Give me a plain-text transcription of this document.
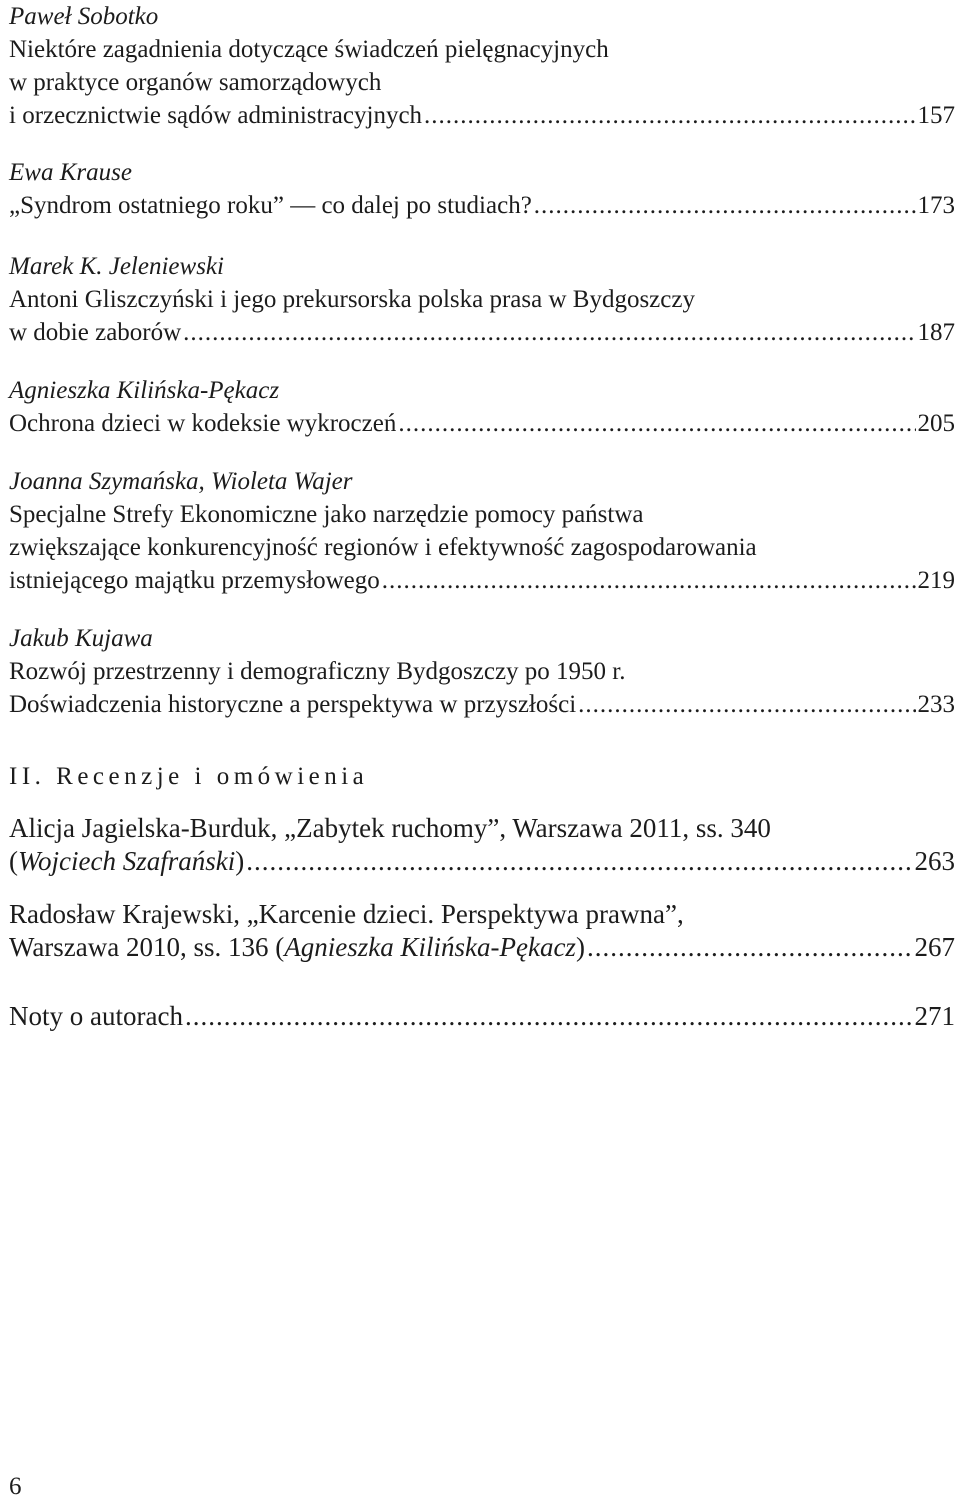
Paweł Sobotko
Niektóre zagadnienia dotyczące świadczeń pielęgnacyjnych
w praktyce organów samorządowych
i orzecznictwie sądów administracyjnych .....	157
Ewa Krause
„Syndrom ostatniego roku” — co dalej po studiach? .....	173
Marek K. Jeleniewski
Antoni Gliszczyński i jego prekursorska polska prasa w Bydgoszczy
w dobie zaborów .....	187
Agnieszka Kilińska-Pękacz
Ochrona dzieci w kodeksie wykroczeń .....	205
Joanna Szymańska, Wioleta Wajer
Specjalne Strefy Ekonomiczne jako narzędzie pomocy państwa
zwiększające konkurencyjność regionów i efektywność zagospodarowania
istniejącego majątku przemysłowego .....	219
Jakub Kujawa
Rozwój przestrzenny i demograficzny Bydgoszczy po 1950 r.
Doświadczenia historyczne a perspektywa w przyszłości .....	233
II. Recenzje i omówienia
Alicja Jagielska-Burduk, „Zabytek ruchomy”, Warszawa 2011, ss. 340
(Wojciech Szafrański) .....	263
Radosław Krajewski, „Karcenie dzieci. Perspektywa prawna”,
Warszawa 2010, ss. 136 (Agnieszka Kilińska-Pękacz) .....	267
Noty o autorach .....	271
6
